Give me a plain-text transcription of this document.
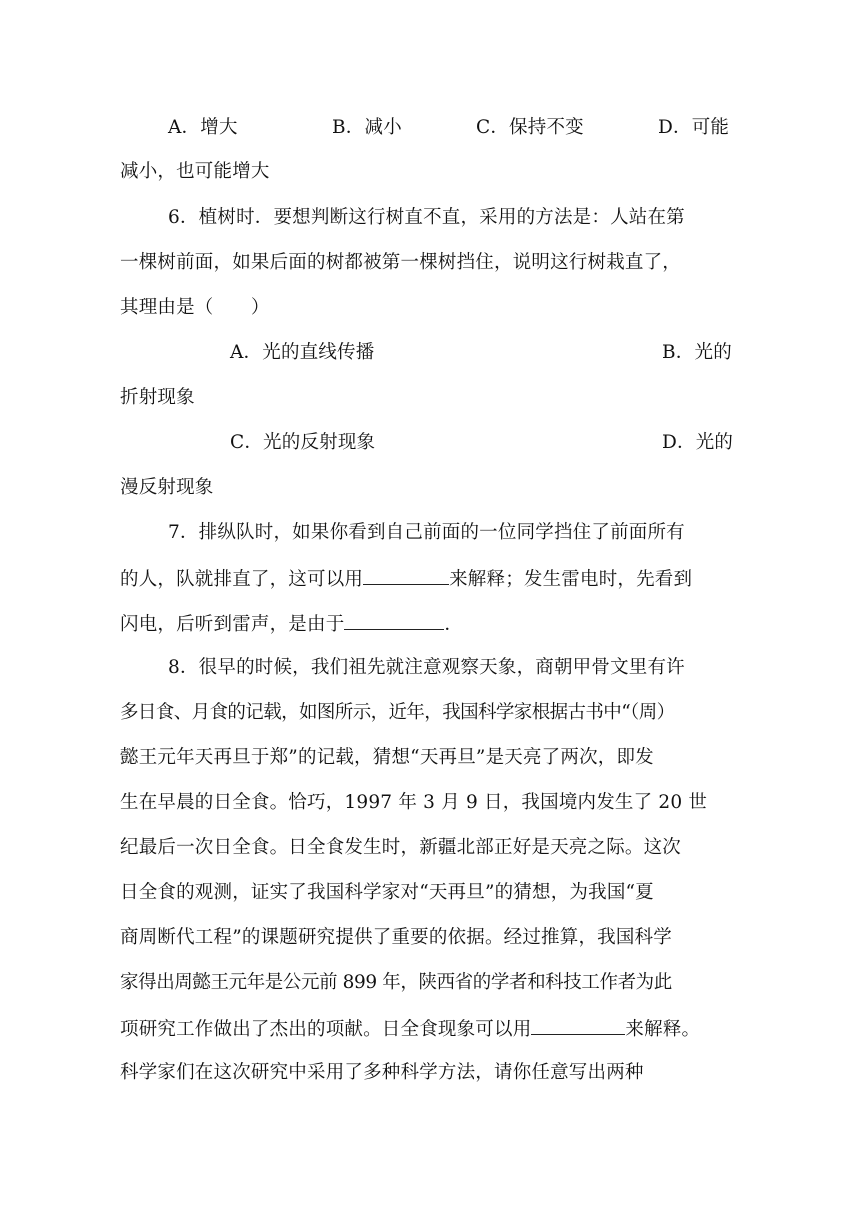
A．增大	B．减小	C．保持不变	D．可能
减小，也可能增大
6．植树时．要想判断这行树直不直，采用的方法是：人站在第
一棵树前面，如果后面的树都被第一棵树挡住，说明这行树栽直了，
其理由是（　　）
A．光的直线传播	B．光的
折射现象
C．光的反射现象	D．光的
漫反射现象
7．排纵队时，如果你看到自己前面的一位同学挡住了前面所有
的人，队就排直了，这可以用	来解释；发生雷电时，先看到
闪电，后听到雷声，是由于	．
8．很早的时候，我们祖先就注意观察天象，商朝甲骨文里有许
多日食、月食的记载，如图所示，近年，我国科学家根据古书中“（周）
懿王元年天再旦于郑”的记载，猜想“天再旦”是天亮了两次，即发
生在早晨的日全食。恰巧，1997 年 3 月 9 日，我国境内发生了 20 世
纪最后一次日全食。日全食发生时，新疆北部正好是天亮之际。这次
日全食的观测，证实了我国科学家对“天再旦”的猜想，为我国“夏
商周断代工程”的课题研究提供了重要的依据。经过推算，我国科学
家得出周懿王元年是公元前 899 年，陕西省的学者和科技工作者为此
项研究工作做出了杰出的项献。日全食现象可以用	来解释。
科学家们在这次研究中采用了多种科学方法，请你任意写出两种
